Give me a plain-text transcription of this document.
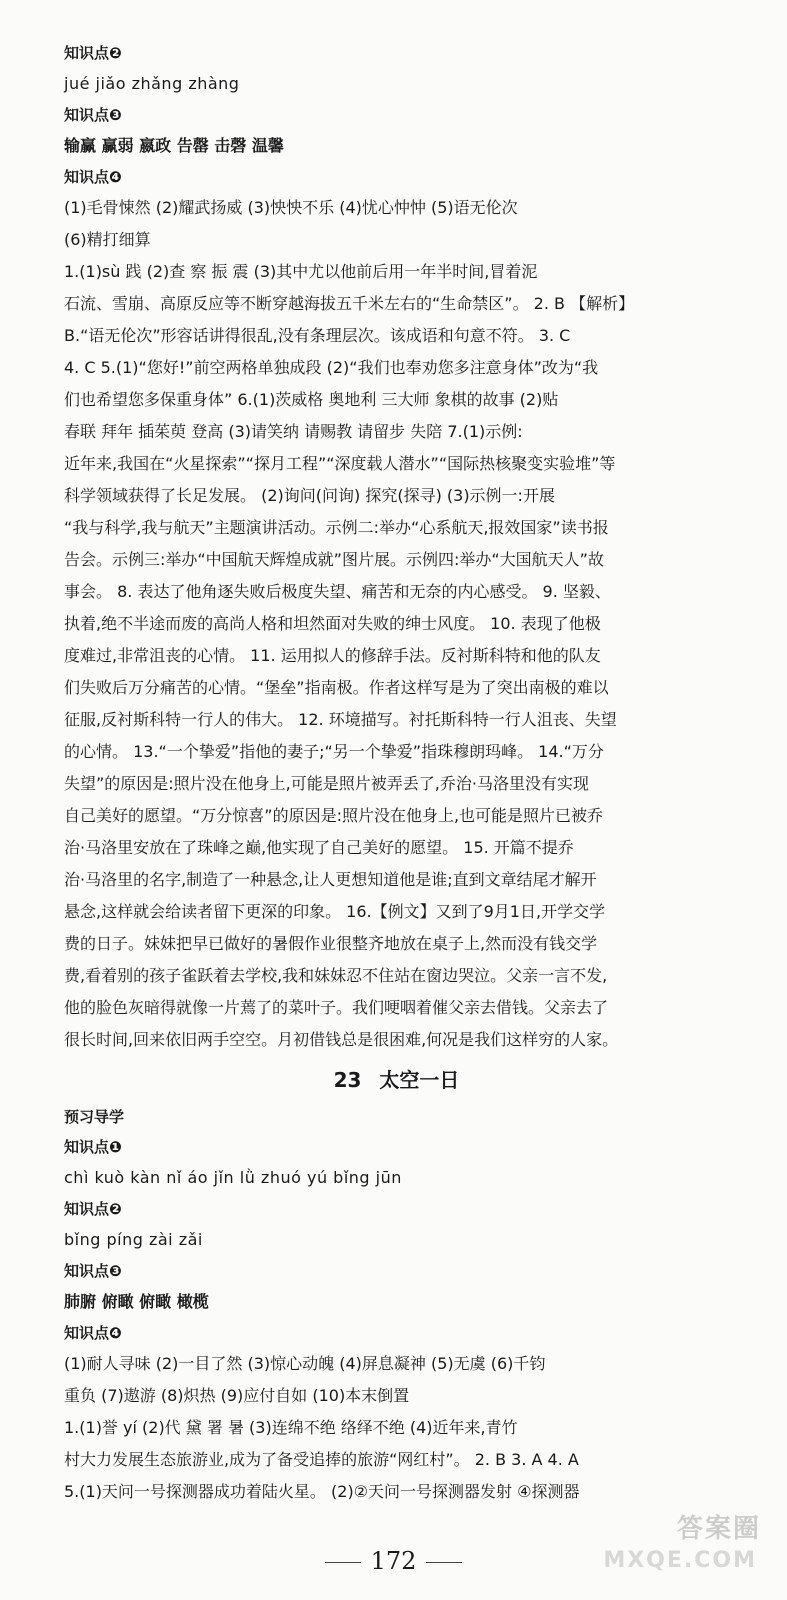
知识点❷
jué jiǎo zhǎng zhàng
知识点❸
输赢 赢弱 嬴政 告罄 击磬 温馨
知识点❹
(1)毛骨悚然 (2)耀武扬威 (3)怏怏不乐 (4)忧心忡忡 (5)语无伦次
(6)精打细算
1.(1)sù 践 (2)查 察 振 震 (3)其中尤以他前后用一年半时间,冒着泥
石流、雪崩、高原反应等不断穿越海拔五千米左右的“生命禁区”。 2. B 【解析】
B.“语无伦次”形容话讲得很乱,没有条理层次。该成语和句意不符。 3. C
4. C 5.(1)“您好!”前空两格单独成段 (2)“我们也奉劝您多注意身体”改为“我
们也希望您多保重身体” 6.(1)茨威格 奥地利 三大师 象棋的故事 (2)贴
春联 拜年 插茱萸 登高 (3)请笑纳 请赐教 请留步 失陪 7.(1)示例:
近年来,我国在“火星探索”“探月工程”“深度载人潜水”“国际热核聚变实验堆”等
科学领域获得了长足发展。 (2)询问(问询) 探究(探寻) (3)示例一:开展
“我与科学,我与航天”主题演讲活动。示例二:举办“心系航天,报效国家”读书报
告会。示例三:举办“中国航天辉煌成就”图片展。示例四:举办“大国航天人”故
事会。 8. 表达了他角逐失败后极度失望、痛苦和无奈的内心感受。 9. 坚毅、
执着,绝不半途而废的高尚人格和坦然面对失败的绅士风度。 10. 表现了他极
度难过,非常沮丧的心情。 11. 运用拟人的修辞手法。反衬斯科特和他的队友
们失败后万分痛苦的心情。“堡垒”指南极。作者这样写是为了突出南极的难以
征服,反衬斯科特一行人的伟大。 12. 环境描写。衬托斯科特一行人沮丧、失望
的心情。 13.“一个挚爱”指他的妻子;“另一个挚爱”指珠穆朗玛峰。 14.“万分
失望”的原因是:照片没在他身上,可能是照片被弄丢了,乔治·马洛里没有实现
自己美好的愿望。“万分惊喜”的原因是:照片没在他身上,也可能是照片已被乔
治·马洛里安放在了珠峰之巅,他实现了自己美好的愿望。 15. 开篇不提乔
治·马洛里的名字,制造了一种悬念,让人更想知道他是谁;直到文章结尾才解开
悬念,这样就会给读者留下更深的印象。 16.【例文】又到了9月1日,开学交学
费的日子。妹妹把早已做好的暑假作业很整齐地放在桌子上,然而没有钱交学
费,看着别的孩子雀跃着去学校,我和妹妹忍不住站在窗边哭泣。父亲一言不发,
他的脸色灰暗得就像一片蔫了的菜叶子。我们哽咽着催父亲去借钱。父亲去了
很长时间,回来依旧两手空空。月初借钱总是很困难,何况是我们这样穷的人家。
23 太空一日
预习导学
知识点❶
chì kuò kàn nǐ áo jǐn lǜ zhuó yú bǐng jūn
知识点❷
bǐng píng zài zǎi
知识点❸
肺腑 俯瞰 俯瞰 橄榄
知识点❹
(1)耐人寻味 (2)一目了然 (3)惊心动魄 (4)屏息凝神 (5)无虞 (6)千钧
重负 (7)遨游 (8)炽热 (9)应付自如 (10)本末倒置
1.(1)誉 yí (2)代 黛 署 暑 (3)连绵不绝 络绎不绝 (4)近年来,青竹
村大力发展生态旅游业,成为了备受追捧的旅游“网红村”。 2. B 3. A 4. A
5.(1)天问一号探测器成功着陆火星。 (2)②天问一号探测器发射 ④探测器
172
答案圈
MXQE.COM
